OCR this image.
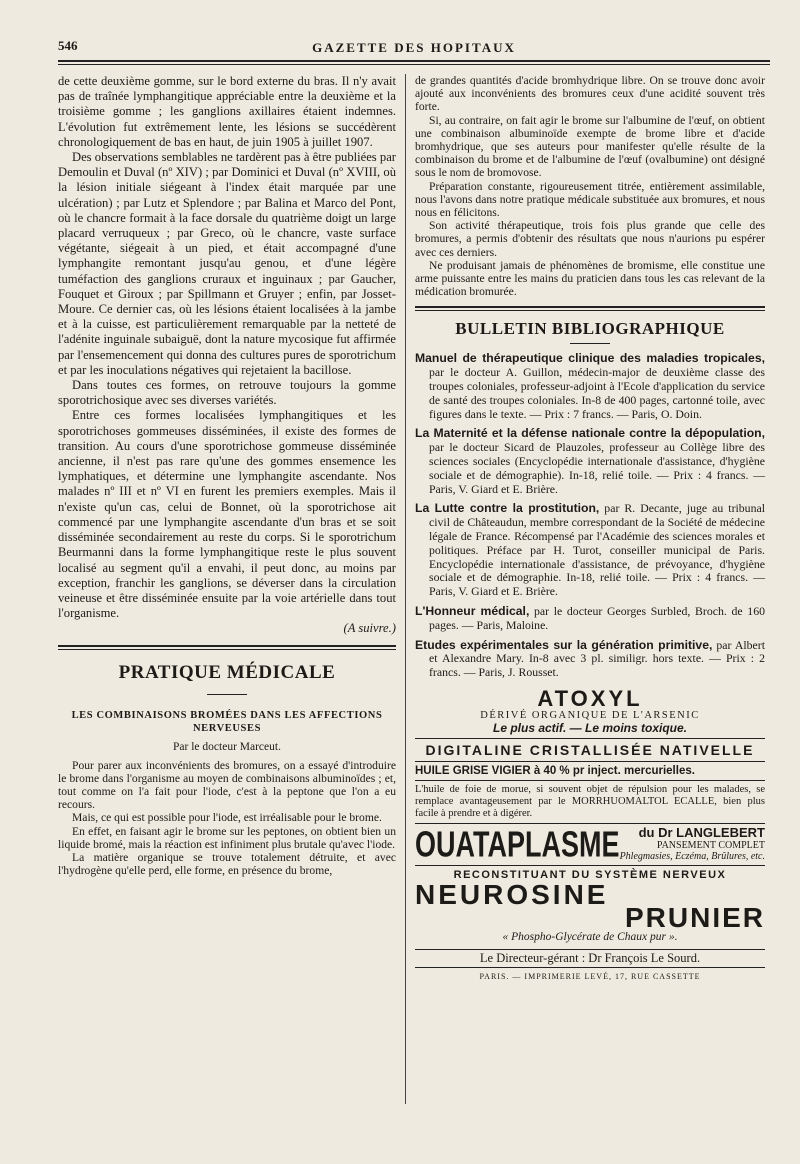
546	GAZETTE DES HOPITAUX

de cette deuxième gomme, sur le bord externe du bras. Il n'y avait pas de traînée lymphangitique appréciable entre la deuxième et la troisième gomme ; les ganglions axillaires étaient indemnes. L'évolution fut extrêmement lente, les lésions se succédèrent chronologiquement de bas en haut, de juin 1905 à juillet 1907.

Des observations semblables ne tardèrent pas à être publiées par Demoulin et Duval (nº XIV) ; par Dominici et Duval (nº XVIII, où la lésion initiale siégeant à l'index était marquée par une ulcération) ; par Lutz et Splendore ; par Balina et Marco del Pont, où le chancre formait à la face dorsale du quatrième doigt un large placard verruqueux ; par Greco, où le chancre, vaste surface végétante, siégeait à un pied, et était accompagné d'une lymphangite remontant jusqu'au genou, et d'une légère tuméfaction des ganglions cruraux et inguinaux ; par Gaucher, Fouquet et Giroux ; par Spillmann et Gruyer ; enfin, par Josset-Moure. Ce dernier cas, où les lésions étaient localisées à la jambe et à la cuisse, est particulièrement remarquable par la netteté de l'adénite inguinale subaiguë, dont la nature mycosique fut affirmée par l'ensemencement qui donna des cultures pures de sporotrichum et par les inoculations négatives qui rejetaient la bacillose.

Dans toutes ces formes, on retrouve toujours la gomme sporotrichosique avec ses diverses variétés.

Entre ces formes localisées lymphangitiques et les sporotrichoses gommeuses disséminées, il existe des formes de transition. Au cours d'une sporotrichose gommeuse disséminée ancienne, il n'est pas rare qu'une des gommes ensemence les lymphatiques, et détermine une lymphangite ascendante. Nos malades nº III et nº VI en furent les premiers exemples. Mais il n'existe qu'un cas, celui de Bonnet, où la sporotrichose ait commencé par une lymphangite ascendante d'un bras et se soit disséminée secondairement au reste du corps. Si le sporotrichum Beurmanni dans la forme lymphangitique reste le plus souvent localisé au segment qu'il a envahi, il peut donc, au moins par exception, franchir les ganglions, se déverser dans la circulation veineuse et être disséminée ensuite par la voie artérielle dans tout l'organisme.

(A suivre.)

PRATIQUE MÉDICALE
LES COMBINAISONS BROMÉES DANS LES AFFECTIONS NERVEUSES
Par le docteur Marceut.

Pour parer aux inconvénients des bromures, on a essayé d'introduire le brome dans l'organisme au moyen de combinaisons albuminoïdes ; et, tout comme on l'a fait pour l'iode, c'est à la peptone que l'on a eu recours.

Mais, ce qui est possible pour l'iode, est irréalisable pour le brome.

En effet, en faisant agir le brome sur les peptones, on obtient bien un liquide bromé, mais la réaction est infiniment plus brutale qu'avec l'iode.

La matière organique se trouve totalement détruite, et avec l'hydrogène qu'elle perd, elle forme, en présence du brome,

de grandes quantités d'acide bromhydrique libre. On se trouve donc avoir ajouté aux inconvénients des bromures ceux d'une acidité souvent très forte.

Si, au contraire, on fait agir le brome sur l'albumine de l'œuf, on obtient une combinaison albuminoïde exempte de brome libre et d'acide bromhydrique, que ses auteurs pour manifester qu'elle résulte de la combinaison du brome et de l'albumine de l'œuf (ovalbumine) ont désigné sous le nom de bromovose.

Préparation constante, rigoureusement titrée, entièrement assimilable, nous l'avons dans notre pratique médicale substituée aux bromures, et nous nous en félicitons.

Son activité thérapeutique, trois fois plus grande que celle des bromures, a permis d'obtenir des résultats que nous n'aurions pu espérer avec ces derniers.

Ne produisant jamais de phénomènes de bromisme, elle constitue une arme puissante entre les mains du praticien dans tous les cas relevant de la médication bromurée.

BULLETIN BIBLIOGRAPHIQUE
Manuel de thérapeutique clinique des maladies tropicales, par le docteur A. Guillon, médecin-major de deuxième classe des troupes coloniales, professeur-adjoint à l'Ecole d'application du service de santé des troupes coloniales. In-8 de 400 pages, cartonné toile, avec figures dans le texte. — Prix : 7 francs. — Paris, O. Doin.
La Maternité et la défense nationale contre la dépopulation, par le docteur Sicard de Plauzoles, professeur au Collège libre des sciences sociales (Encyclopédie internationale d'assistance, d'hygiène sociale et de démographie). In-18, relié toile. — Prix : 4 francs. — Paris, V. Giard et E. Brière.
La Lutte contre la prostitution, par R. Decante, juge au tribunal civil de Châteaudun, membre correspondant de la Société de médecine légale de France. Récompensé par l'Académie des sciences morales et politiques. Préface par H. Turot, conseiller municipal de Paris. Encyclopédie internationale d'assistance, de prévoyance, d'hygiène sociale et de démographie. In-18, relié toile. — Prix : 4 francs. — Paris, V. Giard et E. Brière.
L'Honneur médical, par le docteur Georges Surbled, Broch. de 160 pages. — Paris, Maloine.
Etudes expérimentales sur la génération primitive, par Albert et Alexandre Mary. In-8 avec 3 pl. similigr. hors texte. — Prix : 2 francs. — Paris, J. Rousset.
ATOXYL
DÉRIVÉ ORGANIQUE DE L'ARSENIC
Le plus actif. — Le moins toxique.
DIGITALINE CRISTALLISÉE NATIVELLE
HUILE GRISE VIGIER à 40 % pr inject. mercurielles.
L'huile de foie de morue, si souvent objet de répulsion pour les malades, se remplace avantageusement par le MORRHUOMALTOL ECALLE, bien plus facile à prendre et à digérer.
OUATAPLASME	du Dr LANGLEBERT
PANSEMENT COMPLET
Phlegmasies, Eczéma, Brûlures, etc.
RECONSTITUANT DU SYSTÈME NERVEUX
NEUROSINE
PRUNIER
« Phospho-Glycérate de Chaux pur ».
Le Directeur-gérant : Dr François Le Sourd.
PARIS. — IMPRIMERIE LEVÉ, 17, RUE CASSETTE
